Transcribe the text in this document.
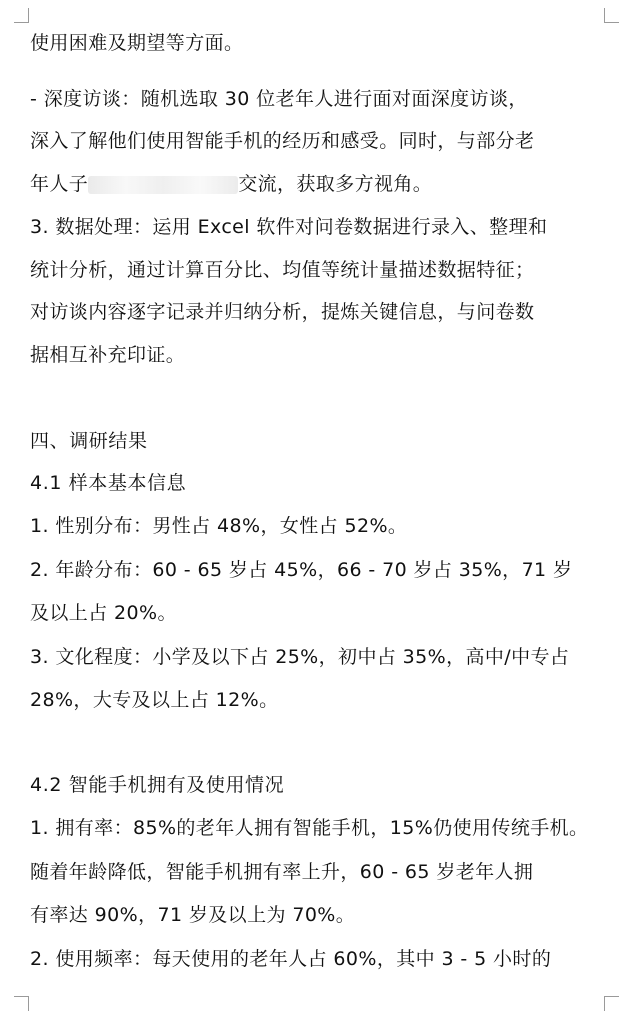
使用困难及期望等方面。
- 深度访谈：随机选取 30 位老年人进行面对面深度访谈，
深入了解他们使用智能手机的经历和感受。同时，与部分老
年人子	交流，获取多方视角。
3. 数据处理：运用 Excel 软件对问卷数据进行录入、整理和
统计分析，通过计算百分比、均值等统计量描述数据特征；
对访谈内容逐字记录并归纳分析，提炼关键信息，与问卷数
据相互补充印证。
四、调研结果
4.1 样本基本信息
1. 性别分布：男性占 48%，女性占 52%。
2. 年龄分布：60 - 65 岁占 45%，66 - 70 岁占 35%，71 岁
及以上占 20%。
3. 文化程度：小学及以下占 25%，初中占 35%，高中/中专占
28%，大专及以上占 12%。
4.2 智能手机拥有及使用情况
1. 拥有率：85%的老年人拥有智能手机，15%仍使用传统手机。
随着年龄降低，智能手机拥有率上升，60 - 65 岁老年人拥
有率达 90%，71 岁及以上为 70%。
2. 使用频率：每天使用的老年人占 60%，其中 3 - 5 小时的
